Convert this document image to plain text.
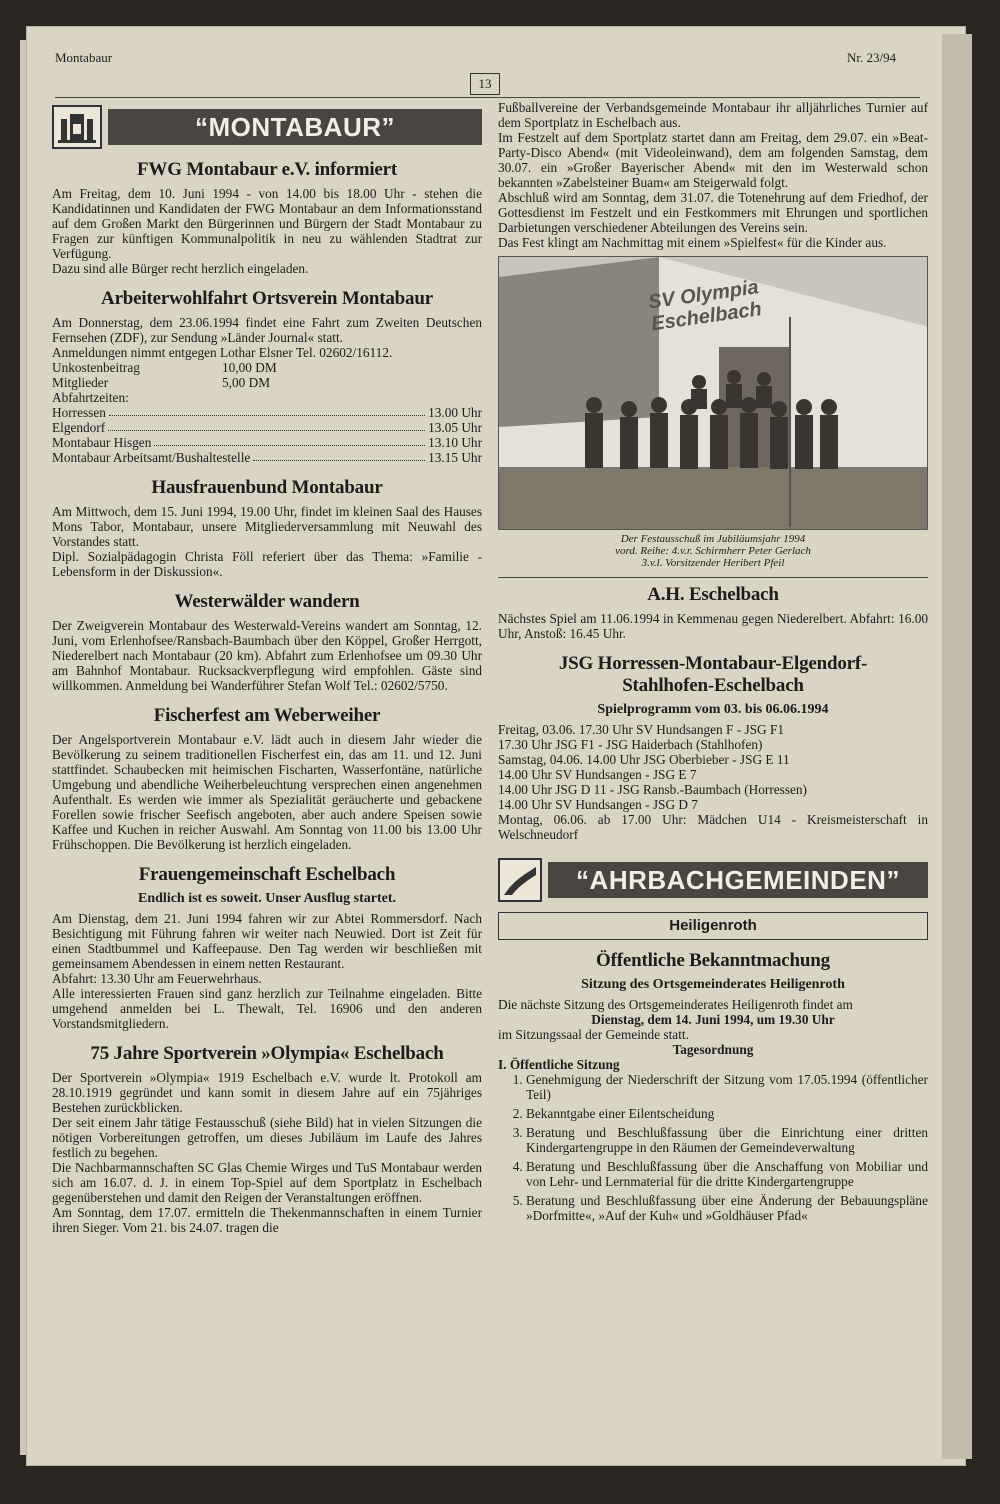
Montabaur
13
Nr. 23/94
“MONTABAUR”
FWG Montabaur e.V. informiert

Am Freitag, dem 10. Juni 1994 - von 14.00 bis 18.00 Uhr - stehen die Kandidatinnen und Kandidaten der FWG Montabaur an dem Informationsstand auf dem Großen Markt den Bürgerinnen und Bürgern der Stadt Montabaur zu Fragen zur künftigen Kommunalpolitik in neu zu wählenden Stadtrat zur Verfügung.
Dazu sind alle Bürger recht herzlich eingeladen.

Arbeiterwohlfahrt Ortsverein Montabaur

Am Donnerstag, dem 23.06.1994 findet eine Fahrt zum Zweiten Deutschen Fernsehen (ZDF), zur Sendung »Länder Journal« statt.
Anmeldungen nimmt entgegen Lothar Elsner Tel. 02602/16112.

Unkostenbeitrag	10,00 DM
Mitglieder	5,00 DM

Abfahrtzeiten:

Horressen	13.00 Uhr
Elgendorf	13.05 Uhr
Montabaur Hisgen	13.10 Uhr
Montabaur Arbeitsamt/Bushaltestelle	13.15 Uhr
Hausfrauenbund Montabaur

Am Mittwoch, dem 15. Juni 1994, 19.00 Uhr, findet im kleinen Saal des Hauses Mons Tabor, Montabaur, unsere Mitgliederversammlung mit Neuwahl des Vorstandes statt.
Dipl. Sozialpädagogin Christa Föll referiert über das Thema: »Familie - Lebensform in der Diskussion«.

Westerwälder wandern

Der Zweigverein Montabaur des Westerwald-Vereins wandert am Sonntag, 12. Juni, vom Erlenhofsee/Ransbach-Baumbach über den Köppel, Großer Herrgott, Niederelbert nach Montabaur (20 km). Abfahrt zum Erlenhofsee um 09.30 Uhr am Bahnhof Montabaur. Rucksackverpflegung wird empfohlen. Gäste sind willkommen. Anmeldung bei Wanderführer Stefan Wolf Tel.: 02602/5750.

Fischerfest am Weberweiher

Der Angelsportverein Montabaur e.V. lädt auch in diesem Jahr wieder die Bevölkerung zu seinem traditionellen Fischerfest ein, das am 11. und 12. Juni stattfindet. Schaubecken mit heimischen Fischarten, Wasserfontäne, natürliche Umgebung und abendliche Weiherbeleuchtung versprechen einen angenehmen Aufenthalt. Es werden wie immer als Spezialität geräucherte und gebackene Forellen sowie frischer Seefisch angeboten, aber auch andere Speisen sowie Kaffee und Kuchen in reicher Auswahl. Am Sonntag von 11.00 bis 13.00 Uhr Frühschoppen. Die Bevölkerung ist herzlich eingeladen.

Frauengemeinschaft Eschelbach
Endlich ist es soweit. Unser Ausflug startet.

Am Dienstag, dem 21. Juni 1994 fahren wir zur Abtei Rommersdorf. Nach Besichtigung mit Führung fahren wir weiter nach Neuwied. Dort ist Zeit für einen Stadtbummel und Kaffeepause. Den Tag werden wir beschließen mit gemeinsamem Abendessen in einem netten Restaurant.
Abfahrt: 13.30 Uhr am Feuerwehrhaus.
Alle interessierten Frauen sind ganz herzlich zur Teilnahme eingeladen. Bitte umgehend anmelden bei L. Thewalt, Tel. 16906 und den anderen Vorstandsmitgliedern.

75 Jahre Sportverein »Olympia« Eschelbach

Der Sportverein »Olympia« 1919 Eschelbach e.V. wurde lt. Protokoll am 28.10.1919 gegründet und kann somit in diesem Jahre auf ein 75jähriges Bestehen zurückblicken.
Der seit einem Jahr tätige Festausschuß (siehe Bild) hat in vielen Sitzungen die nötigen Vorbereitungen getroffen, um dieses Jubiläum im Laufe des Jahres festlich zu begehen.
Die Nachbarmannschaften SC Glas Chemie Wirges und TuS Montabaur werden sich am 16.07. d. J. in einem Top-Spiel auf dem Sportplatz in Eschelbach gegenüberstehen und damit den Reigen der Veranstaltungen eröffnen.
Am Sonntag, dem 17.07. ermitteln die Thekenmannschaften in einem Turnier ihren Sieger. Vom 21. bis 24.07. tragen die

Fußballvereine der Verbandsgemeinde Montabaur ihr alljährliches Turnier auf dem Sportplatz in Eschelbach aus.
Im Festzelt auf dem Sportplatz startet dann am Freitag, dem 29.07. ein »Beat-Party-Disco Abend« (mit Videoleinwand), dem am folgenden Samstag, dem 30.07. ein »Großer Bayerischer Abend« mit den im Westerwald schon bekannten »Zabelsteiner Buam« am Steigerwald folgt.
Abschluß wird am Sonntag, dem 31.07. die Totenehrung auf dem Friedhof, der Gottesdienst im Festzelt und ein Festkommers mit Ehrungen und sportlichen Darbietungen verschiedener Abteilungen des Vereins sein.
Das Fest klingt am Nachmittag mit einem »Spielfest« für die Kinder aus.

SV Olympia Eschelbach
Der Festausschuß im Jubiläumsjahr 1994
vord. Reihe: 4.v.r. Schirmherr Peter Gerlach
3.v.l. Vorsitzender Heribert Pfeil
A.H. Eschelbach

Nächstes Spiel am 11.06.1994 in Kemmenau gegen Niederelbert. Abfahrt: 16.00 Uhr, Anstoß: 16.45 Uhr.

JSG Horressen-Montabaur-Elgendorf-Stahlhofen-Eschelbach
Spielprogramm vom 03. bis 06.06.1994

Freitag, 03.06. 17.30 Uhr SV Hundsangen F - JSG F1

17.30 Uhr JSG F1 - JSG Haiderbach (Stahlhofen)

Samstag, 04.06. 14.00 Uhr JSG Oberbieber - JSG E 11

14.00 Uhr SV Hundsangen - JSG E 7

14.00 Uhr JSG D 11 - JSG Ransb.-Baumbach (Horressen)

14.00 Uhr SV Hundsangen - JSG D 7

Montag, 06.06. ab 17.00 Uhr: Mädchen U14 - Kreismeisterschaft in Welschneudorf

“AHRBACHGEMEINDEN”
Heiligenroth
Öffentliche Bekanntmachung
Sitzung des Ortsgemeinderates Heiligenroth

Die nächste Sitzung des Ortsgemeinderates Heiligenroth findet am

Dienstag, dem 14. Juni 1994, um 19.30 Uhr

im Sitzungssaal der Gemeinde statt.

Tagesordnung

I. Öffentliche Sitzung

1. Genehmigung der Niederschrift der Sitzung vom 17.05.1994 (öffentlicher Teil)
2. Bekanntgabe einer Eilentscheidung
3. Beratung und Beschlußfassung über die Einrichtung einer dritten Kindergartengruppe in den Räumen der Gemeindeverwaltung
4. Beratung und Beschlußfassung über die Anschaffung von Mobiliar und von Lehr- und Lernmaterial für die dritte Kindergartengruppe
5. Beratung und Beschlußfassung über eine Änderung der Bebauungspläne »Dorfmitte«, »Auf der Kuh« und »Goldhäuser Pfad«
